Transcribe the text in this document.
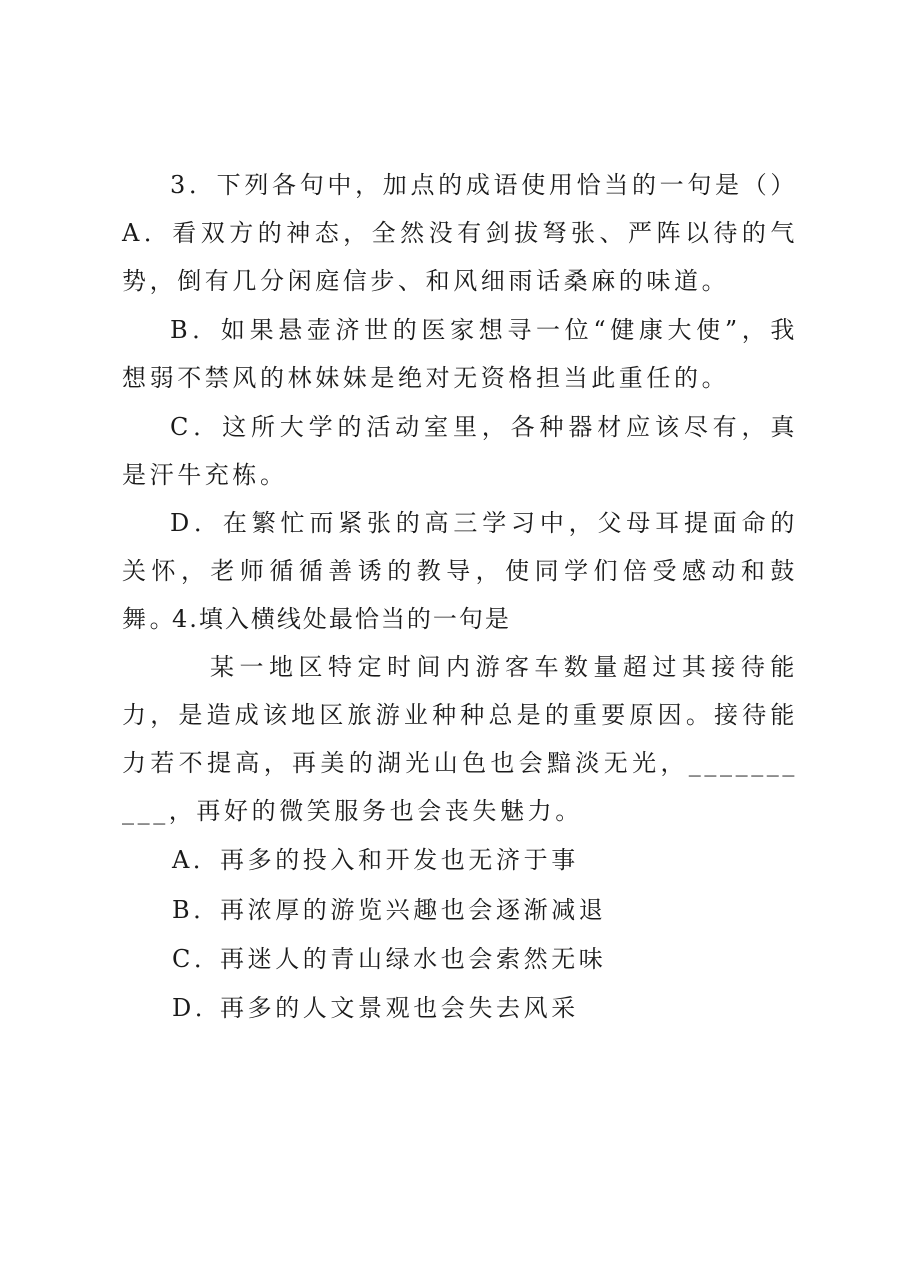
3．下列各句中，加点的成语使用恰当的一句是（）A．看双方的神态，全然没有剑拔弩张、严阵以待的气势，倒有几分闲庭信步、和风细雨话桑麻的味道。
B．如果悬壶济世的医家想寻一位“健康大使”，我想弱不禁风的林妹妹是绝对无资格担当此重任的。
C．这所大学的活动室里，各种器材应该尽有，真是汗牛充栋。
D．在繁忙而紧张的高三学习中，父母耳提面命的关怀，老师循循善诱的教导，使同学们倍受感动和鼓舞。
4.填入横线处最恰当的一句是
某一地区特定时间内游客车数量超过其接待能力，是造成该地区旅游业种种总是的重要原因。接待能力若不提高，再美的湖光山色也会黯淡无光，__________，再好的微笑服务也会丧失魅力。
A．再多的投入和开发也无济于事
B．再浓厚的游览兴趣也会逐渐减退
C．再迷人的青山绿水也会索然无味
D．再多的人文景观也会失去风采
